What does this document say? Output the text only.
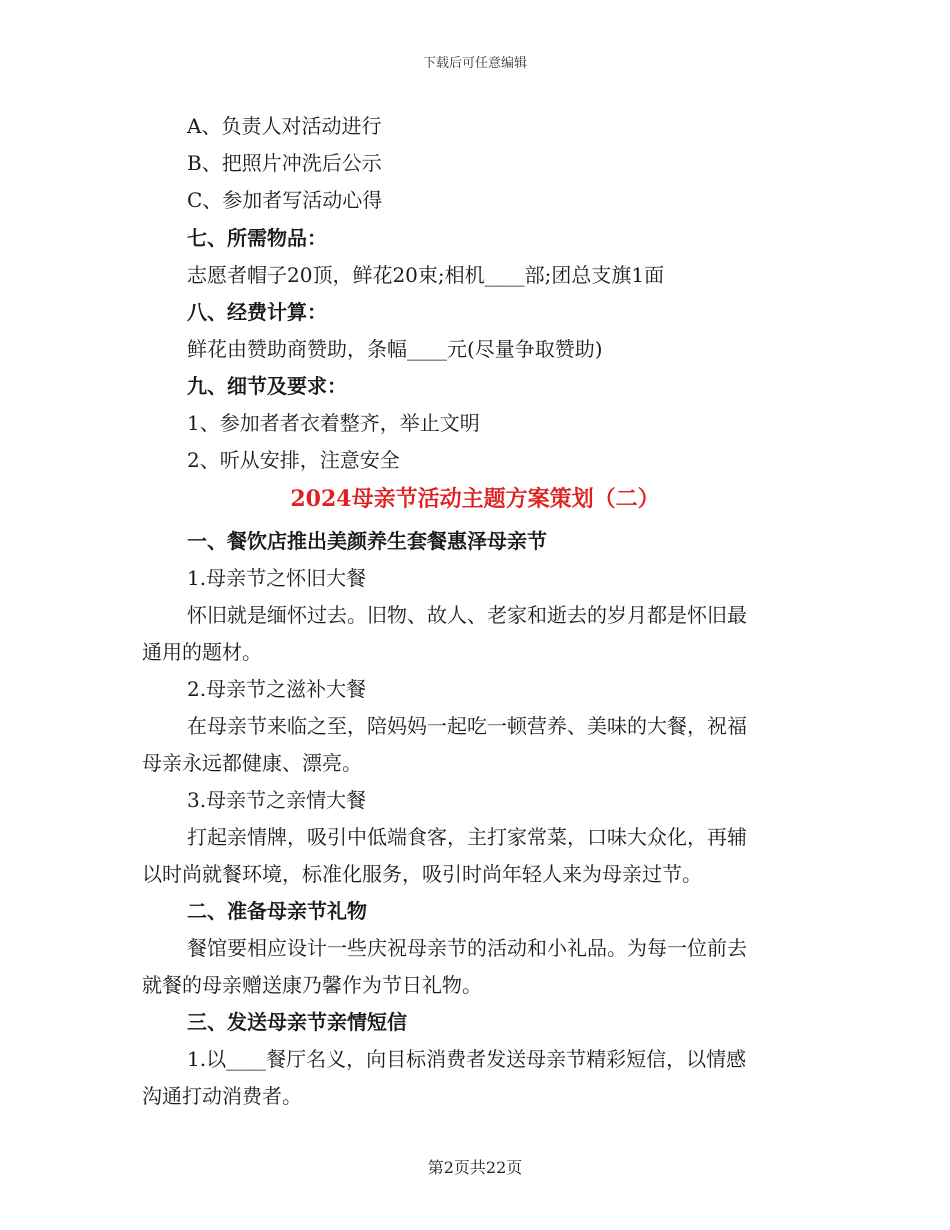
下载后可任意编辑
A、负责人对活动进行
B、把照片冲洗后公示
C、参加者写活动心得
七、所需物品：
志愿者帽子20顶，鲜花20束;相机____部;团总支旗1面
八、经费计算：
鲜花由赞助商赞助，条幅____元(尽量争取赞助)
九、细节及要求：
1、参加者者衣着整齐，举止文明
2、听从安排，注意安全
2024母亲节活动主题方案策划（二）
一、餐饮店推出美颜养生套餐惠泽母亲节
1.母亲节之怀旧大餐
怀旧就是缅怀过去。旧物、故人、老家和逝去的岁月都是怀旧最
通用的题材。
2.母亲节之滋补大餐
在母亲节来临之至，陪妈妈一起吃一顿营养、美味的大餐，祝福
母亲永远都健康、漂亮。
3.母亲节之亲情大餐
打起亲情牌，吸引中低端食客，主打家常菜，口味大众化，再辅
以时尚就餐环境，标准化服务，吸引时尚年轻人来为母亲过节。
二、准备母亲节礼物
餐馆要相应设计一些庆祝母亲节的活动和小礼品。为每一位前去
就餐的母亲赠送康乃馨作为节日礼物。
三、发送母亲节亲情短信
1.以____餐厅名义，向目标消费者发送母亲节精彩短信，以情感
沟通打动消费者。
第2页共22页
